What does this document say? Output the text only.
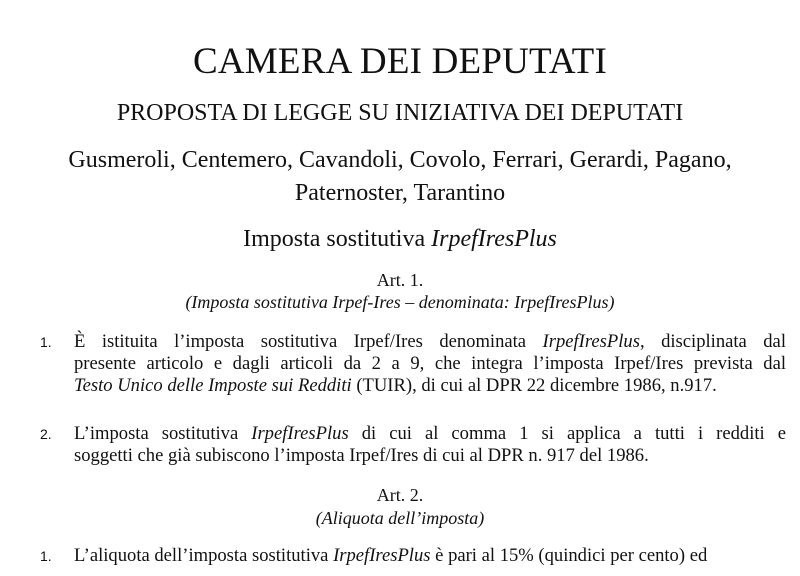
CAMERA DEI DEPUTATI
PROPOSTA DI LEGGE SU INIZIATIVA DEI DEPUTATI
Gusmeroli, Centemero, Cavandoli, Covolo, Ferrari, Gerardi, Pagano,
Paternoster, Tarantino
Imposta sostitutiva IrpefIresPlus
Art. 1.
(Imposta sostitutiva Irpef-Ires – denominata: IrpefIresPlus)
1. È istituita l’imposta sostitutiva Irpef/Ires denominata IrpefIresPlus, disciplinata dal
presente articolo e dagli articoli da 2 a 9, che integra l’imposta Irpef/Ires prevista dal
Testo Unico delle Imposte sui Redditi (TUIR), di cui al DPR 22 dicembre 1986, n.917.
2. L’imposta sostitutiva IrpefIresPlus di cui al comma 1 si applica a tutti i redditi e
soggetti che già subiscono l’imposta Irpef/Ires di cui al DPR n. 917 del 1986.
Art. 2.
(Aliquota dell’imposta)
1. L’aliquota dell’imposta sostitutiva IrpefIresPlus è pari al 15% (quindici per cento) ed
